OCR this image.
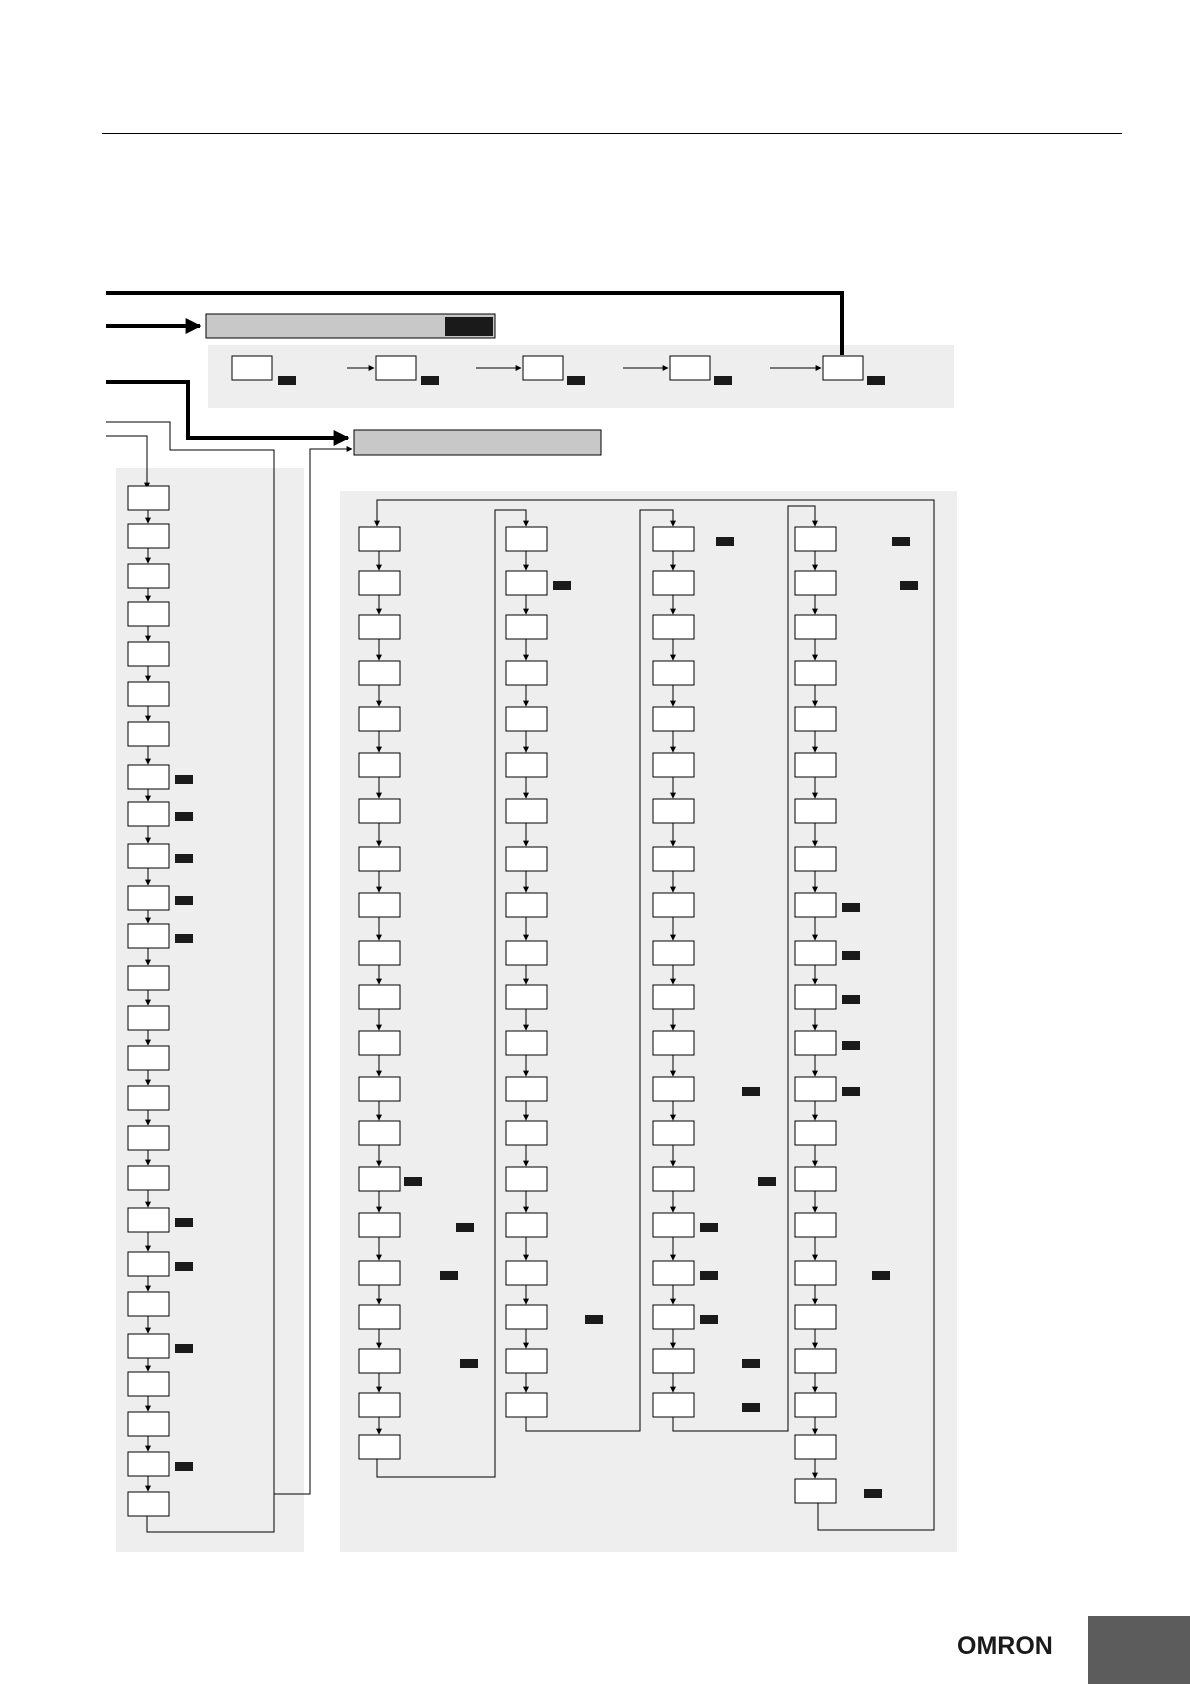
OMRON
